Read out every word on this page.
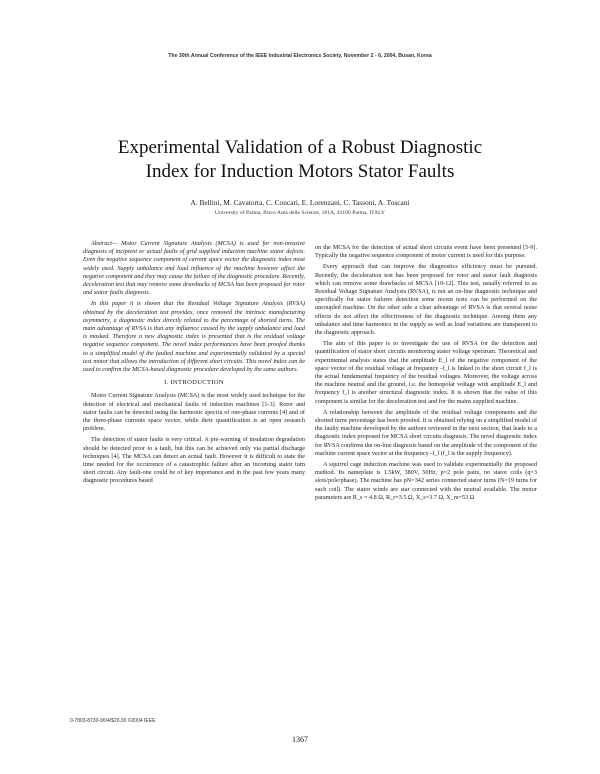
The 30th Annual Conference of the IEEE Industrial Electronics Society, November 2 - 6, 2004, Busan, Korea
Experimental Validation of a Robust Diagnostic
Index for Induction Motors Stator Faults
A. Bellini, M. Cavatorta, C. Concari, E. Lorenzani, C. Tassoni, A. Toscani
University of Parma, Parco Area delle Scienze, 181A, 43100 Parma, ITALY

Abstract— Motor Current Signature Analysis (MCSA) is used for non-invasive diagnosis of incipient or actual faults of grid supplied induction machine stator defects. Even the negative sequence component of current space vector the diagnostic index most widely used. Supply unbalance and load influence of the machine however affect the negative component and they may cause the failure of the diagnostic procedure. Recently, deceleration test that may remove some drawbacks of MCSA has been proposed for rotor and stator faults diagnosis.

In this paper it is shown that the Residual Voltage Signature Analysis (RVSA) obtained by the deceleration test provides, once removed the intrinsic manufacturing asymmetry, a diagnostic index directly related to the percentage of shorted turns. The main advantage of RVSA is that any influence caused by the supply unbalance and load is masked. Therefore a new diagnostic index is presented that is the residual voltage negative sequence component. The novel index performances have been proofed thanks to a simplified model of the faulted machine and experimentally validated by a special test motor that allows the introduction of different short circuits. This novel index can be used to confirm the MCSA-based diagnostic procedure developed by the same authors.

I. INTRODUCTION

Motor Current Signature Analysis (MCSA) is the most widely used technique for the detection of electrical and mechanical faults of induction machines [1-3]. Rotor and stator faults can be detected using the harmonic spectra of one-phase currents [4] and of the three-phase currents space vector, while their quantification is an open research problem.

The detection of stator faults is very critical. A pre-warning of insulation degradation should be detected prior to a fault, but this can be achieved only via partial discharge techniques [4]. The MCSA can detect an actual fault. However it is difficult to state the time needed for the occurrence of a catastrophic failure after an incoming stator turn short circuit. Any fault-one could be of key importance and in the past few years many diagnostic procedures based

on the MCSA for the detection of actual short circuits event have been presented [5-9]. Typically the negative sequence component of motor current is used for this purpose.

Every approach that can improve the diagnostics efficiency must be pursued. Recently, the deceleration test has been proposed for rotor and stator fault diagnosis which can remove some drawbacks of MCSA [10-12]. This test, usually referred to as Residual Voltage Signature Analysis (RVSA), is not an on-line diagnostic technique and specifically for stator failures detection some recent tests can be performed on the uncoupled machine. On the other side a clear advantage of RVSA is that several noise effects do not affect the effectiveness of the diagnostic technique. Among them any unbalance and time harmonics in the supply as well as load variations are transparent to the diagnostic approach.

The aim of this paper is to investigate the use of RVSA for the detection and quantification of stator short circuits monitoring stator voltage spectrum. Theoretical and experimental analysis states that the amplitude E_l of the negative component of the space vector of the residual voltage at frequency -f_l is linked to the short circuit f_l is the actual fundamental frequency of the residual voltages. Moreover, the voltage across the machine neutral and the ground, i.e. the homopolar voltage with amplitude E_l and frequency f_l is another structural diagnostic index. It is shown that the value of this component is similar for the deceleration test and for the mains supplied machine.

A relationship between the amplitude of the residual voltage components and the shorted turns percentage has been proofed. It is obtained relying on a simplified model of the faulty machine developed by the authors reviewed in the next section, that leads to a diagnostic index proposed for MCSA short circuits diagnosis. The novel diagnostic index for RVSA confirms the on-line diagnosis based on the amplitude of the component of the machine current space vector at the frequency -f_l (f_l is the supply frequency).

A squirrel cage induction machine was used to validate experimentally the proposed method. Its nameplate is 1.5kW, 380V, 50Hz, p=2 pole pairs, no stator coils (q=3 slots/pole/phase). The machine has pN=342 series connected stator turns (N=19 turns for each coil). The stator winds are star connected with the neutral available. The motor parameters are R_s = 4.8 Ω, R_r=3.5 Ω, X_s=3.7 Ω, X_m=53 Ω

0-7803-8730-9/04/$20.00 ©2004 IEEE
1367
